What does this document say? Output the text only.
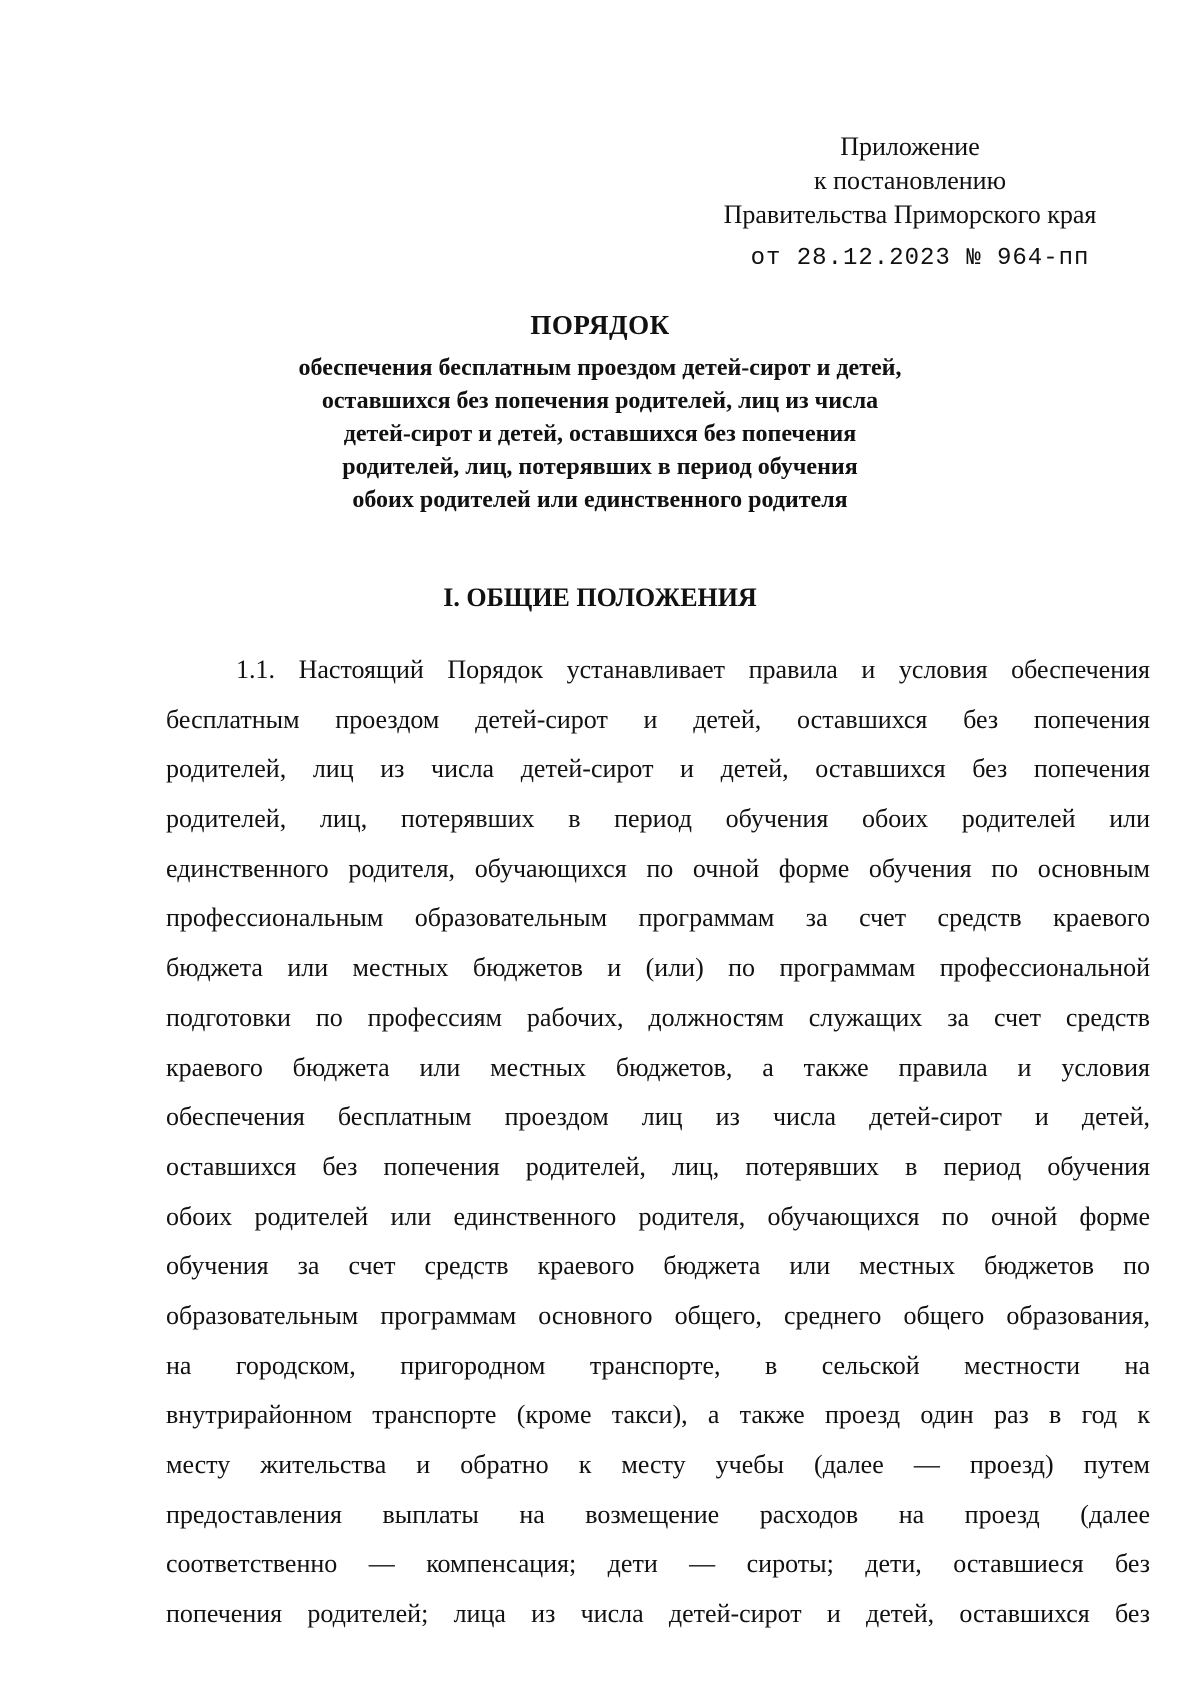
Приложение
к постановлению
Правительства Приморского края
от 28.12.2023 № 964-пп
ПОРЯДОК
обеспечения бесплатным проездом детей-сирот и детей,
оставшихся без попечения родителей, лиц из числа
детей-сирот и детей, оставшихся без попечения
родителей, лиц, потерявших в период обучения
обоих родителей или единственного родителя
I. ОБЩИЕ ПОЛОЖЕНИЯ
1.1. Настоящий Порядок устанавливает правила и условия обеспечения
бесплатным проездом детей-сирот и детей, оставшихся без попечения
родителей, лиц из числа детей-сирот и детей, оставшихся без попечения
родителей, лиц, потерявших в период обучения обоих родителей или
единственного родителя, обучающихся по очной форме обучения по основным
профессиональным образовательным программам за счет средств краевого
бюджета или местных бюджетов и (или) по программам профессиональной
подготовки по профессиям рабочих, должностям служащих за счет средств
краевого бюджета или местных бюджетов, а также правила и условия
обеспечения бесплатным проездом лиц из числа детей-сирот и детей,
оставшихся без попечения родителей, лиц, потерявших в период обучения
обоих родителей или единственного родителя, обучающихся по очной форме
обучения за счет средств краевого бюджета или местных бюджетов по
образовательным программам основного общего, среднего общего образования,
на городском, пригородном транспорте, в сельской местности на
внутрирайонном транспорте (кроме такси), а также проезд один раз в год к
месту жительства и обратно к месту учебы (далее — проезд) путем
предоставления выплаты на возмещение расходов на проезд (далее
соответственно — компенсация; дети — сироты; дети, оставшиеся без
попечения родителей; лица из числа детей-сирот и детей, оставшихся без
